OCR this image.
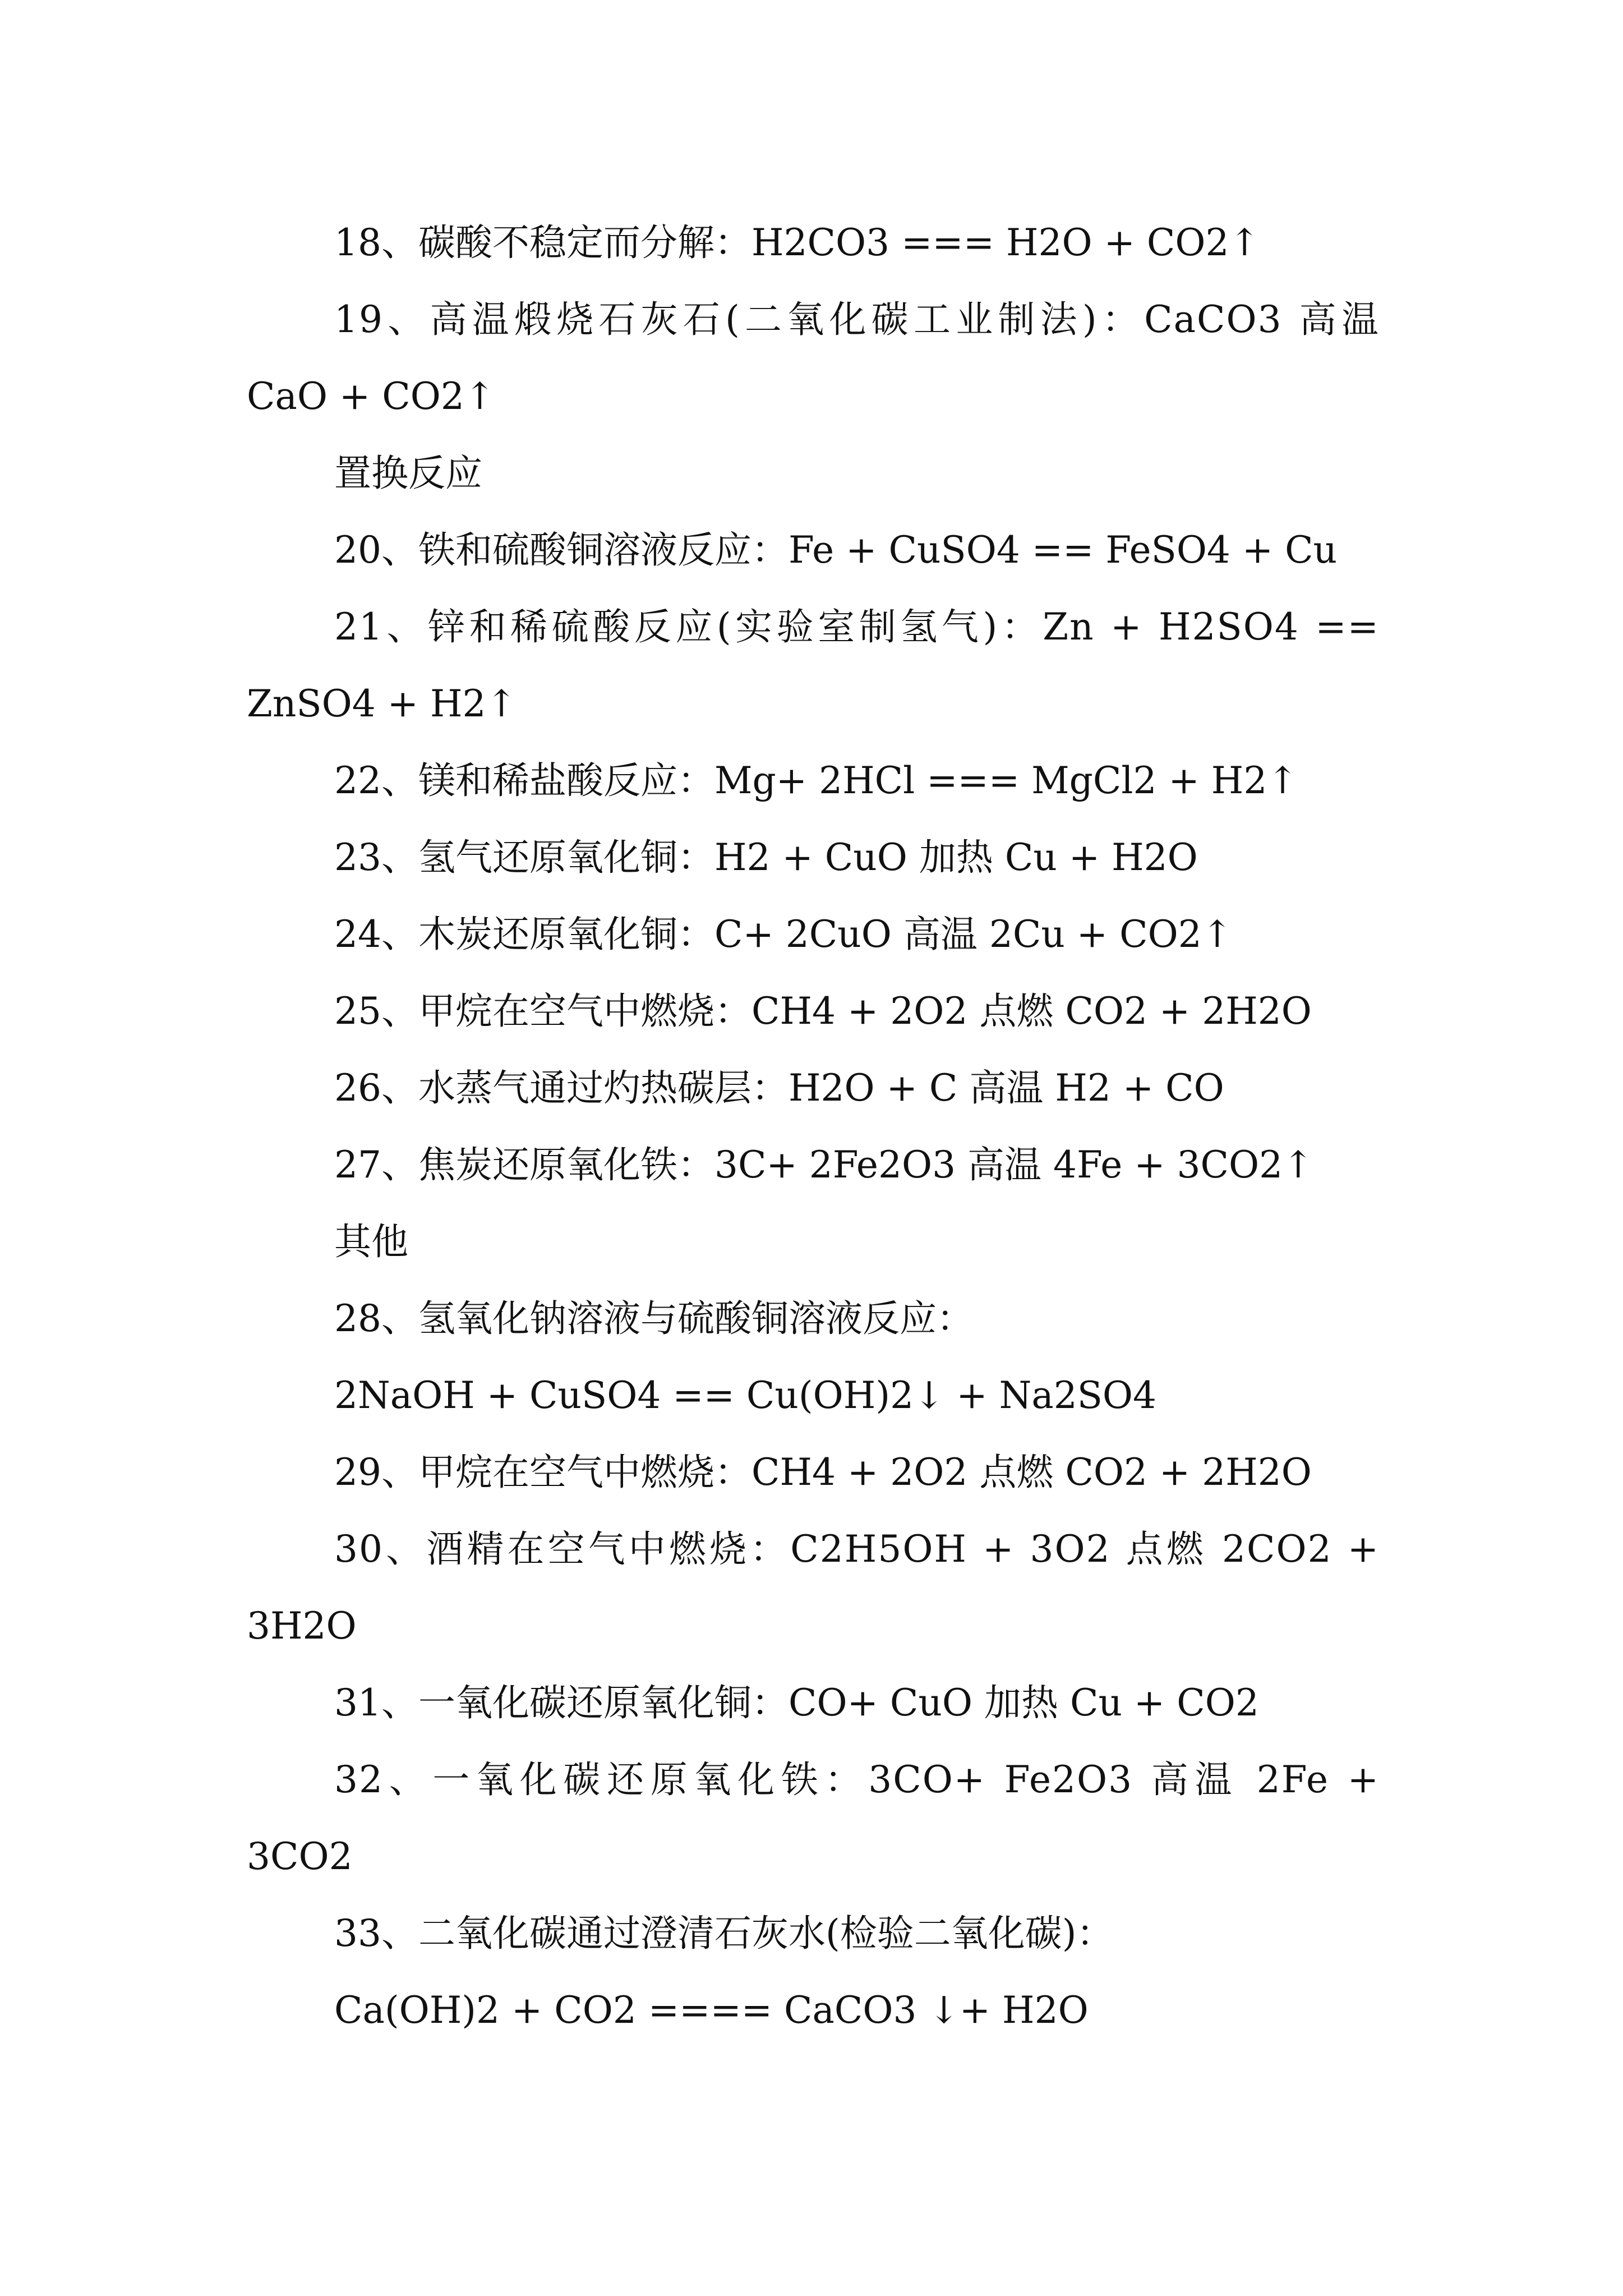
18、碳酸不稳定而分解：H2CO3 === H2O + CO2↑
19、高温煅烧石灰石(二氧化碳工业制法)：CaCO3 高温
CaO + CO2↑
置换反应
20、铁和硫酸铜溶液反应：Fe + CuSO4 == FeSO4 + Cu
21、锌和稀硫酸反应(实验室制氢气)：Zn + H2SO4 ==
ZnSO4 + H2↑
22、镁和稀盐酸反应：Mg+ 2HCl === MgCl2 + H2↑
23、氢气还原氧化铜：H2 + CuO 加热 Cu + H2O
24、木炭还原氧化铜：C+ 2CuO 高温 2Cu + CO2↑
25、甲烷在空气中燃烧：CH4 + 2O2 点燃 CO2 + 2H2O
26、水蒸气通过灼热碳层：H2O + C 高温 H2 + CO
27、焦炭还原氧化铁：3C+ 2Fe2O3 高温 4Fe + 3CO2↑
其他
28、氢氧化钠溶液与硫酸铜溶液反应：
2NaOH + CuSO4 == Cu(OH)2↓ + Na2SO4
29、甲烷在空气中燃烧：CH4 + 2O2 点燃 CO2 + 2H2O
30、酒精在空气中燃烧：C2H5OH + 3O2 点燃 2CO2 +
3H2O
31、一氧化碳还原氧化铜：CO+ CuO 加热 Cu + CO2
32、一氧化碳还原氧化铁：3CO+ Fe2O3 高温 2Fe +
3CO2
33、二氧化碳通过澄清石灰水(检验二氧化碳)：
Ca(OH)2 + CO2 ==== CaCO3 ↓+ H2O
